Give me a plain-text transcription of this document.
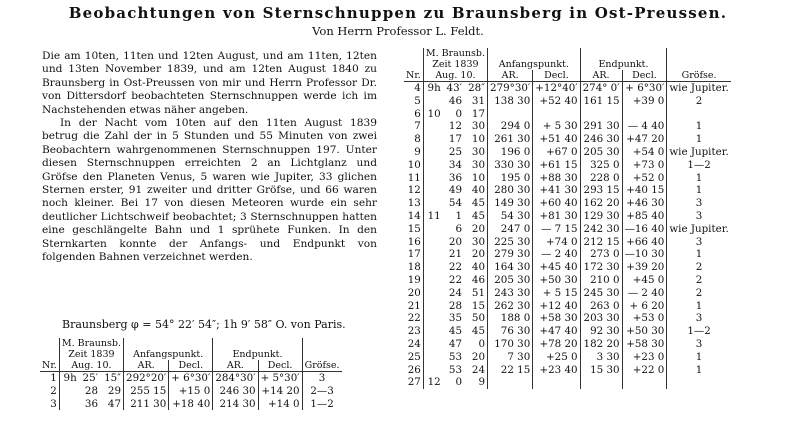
Beobachtungen von Sternschnuppen zu Braunsberg in Ost-Preussen.
Von Herrn Professor L. Feldt.

Die am 10ten, 11ten und 12ten August, und am 11ten, 12ten und 13ten November 1839, und am 12ten August 1840 zu Braunsberg in Ost-Preussen von mir und Herrn Professor Dr. von Dittersdorf beobachteten Sternschnuppen werde ich im Nachstehenden etwas näher angeben.

In der Nacht vom 10ten auf den 11ten August 1839 betrug die Zahl der in 5 Stunden und 55 Minuten von zwei Beobachtern wahrgenommenen Sternschnuppen 197. Unter diesen Sternschnuppen erreichten 2 an Lichtglanz und Gröfse den Planeten Venus, 5 waren wie Jupiter, 33 glichen Sternen erster, 91 zweiter und dritter Gröfse, und 66 waren noch kleiner. Bei 17 von diesen Meteoren wurde ein sehr deutlicher Lichtschweif beobachtet; 3 Sternschnuppen hatten eine geschlängelte Bahn und 1 sprühete Funken. In den Sternkarten konnte der Anfangs- und Endpunkt von folgenden Bahnen verzeichnet werden.

Braunsberg φ = 54° 22′ 54″; 1h 9′ 58″ O. von Paris.
Nr.	M. Braunsb.			Anfangspunkt.		Endpunkt.		Gröfse.
	Zeit 1839							
	Aug. 10.			AR.	Decl.	AR.	Decl.	
1	9h	25′	15″	292°20′	+ 6°30′	284°30′	+ 5°30′	3
2		28	29	255 15	+15 0	246 30	+14 20	2—3
3		36	47	211 30	+18 40	214 30	+14 0	1—2
Nr.	M. Braunsb.			Anfangspunkt.		Endpunkt.		Gröfse.
	Zeit 1839							
	Aug. 10.			AR.	Decl.	AR.	Decl.	
4	9h	43′	28″	279°30′	+12°40′	274° 0′	+ 6°30′	wie Jupiter.
5		46	31	138 30	+52 40	161 15	+39 0	2
6	10	0	17					
7		12	30	294 0	+ 5 30	291 30	— 4 40	1
8		17	10	261 30	+51 40	246 30	+47 20	1
9		25	30	196 0	+67 0	205 30	+54 0	wie Jupiter.
10		34	30	330 30	+61 15	325 0	+73 0	1—2
11		36	10	195 0	+88 30	228 0	+52 0	1
12		49	40	280 30	+41 30	293 15	+40 15	1
13		54	45	149 30	+60 40	162 20	+46 30	3
14	11	1	45	54 30	+81 30	129 30	+85 40	3
15		6	20	247 0	— 7 15	242 30	—16 40	wie Jupiter.
16		20	30	225 30	+74 0	212 15	+66 40	3
17		21	20	279 30	— 2 40	273 0	—10 30	1
18		22	40	164 30	+45 40	172 30	+39 20	2
19		22	46	205 30	+50 30	210 0	+45 0	2
20		24	51	243 30	+ 5 15	245 30	— 2 40	2
21		28	15	262 30	+12 40	263 0	+ 6 20	1
22		35	50	188 0	+58 30	203 30	+53 0	3
23		45	45	76 30	+47 40	92 30	+50 30	1—2
24		47	0	170 30	+78 20	182 20	+58 30	3
25		53	20	7 30	+25 0	3 30	+23 0	1
26		53	24	22 15	+23 40	15 30	+22 0	1
27	12	0	9					
